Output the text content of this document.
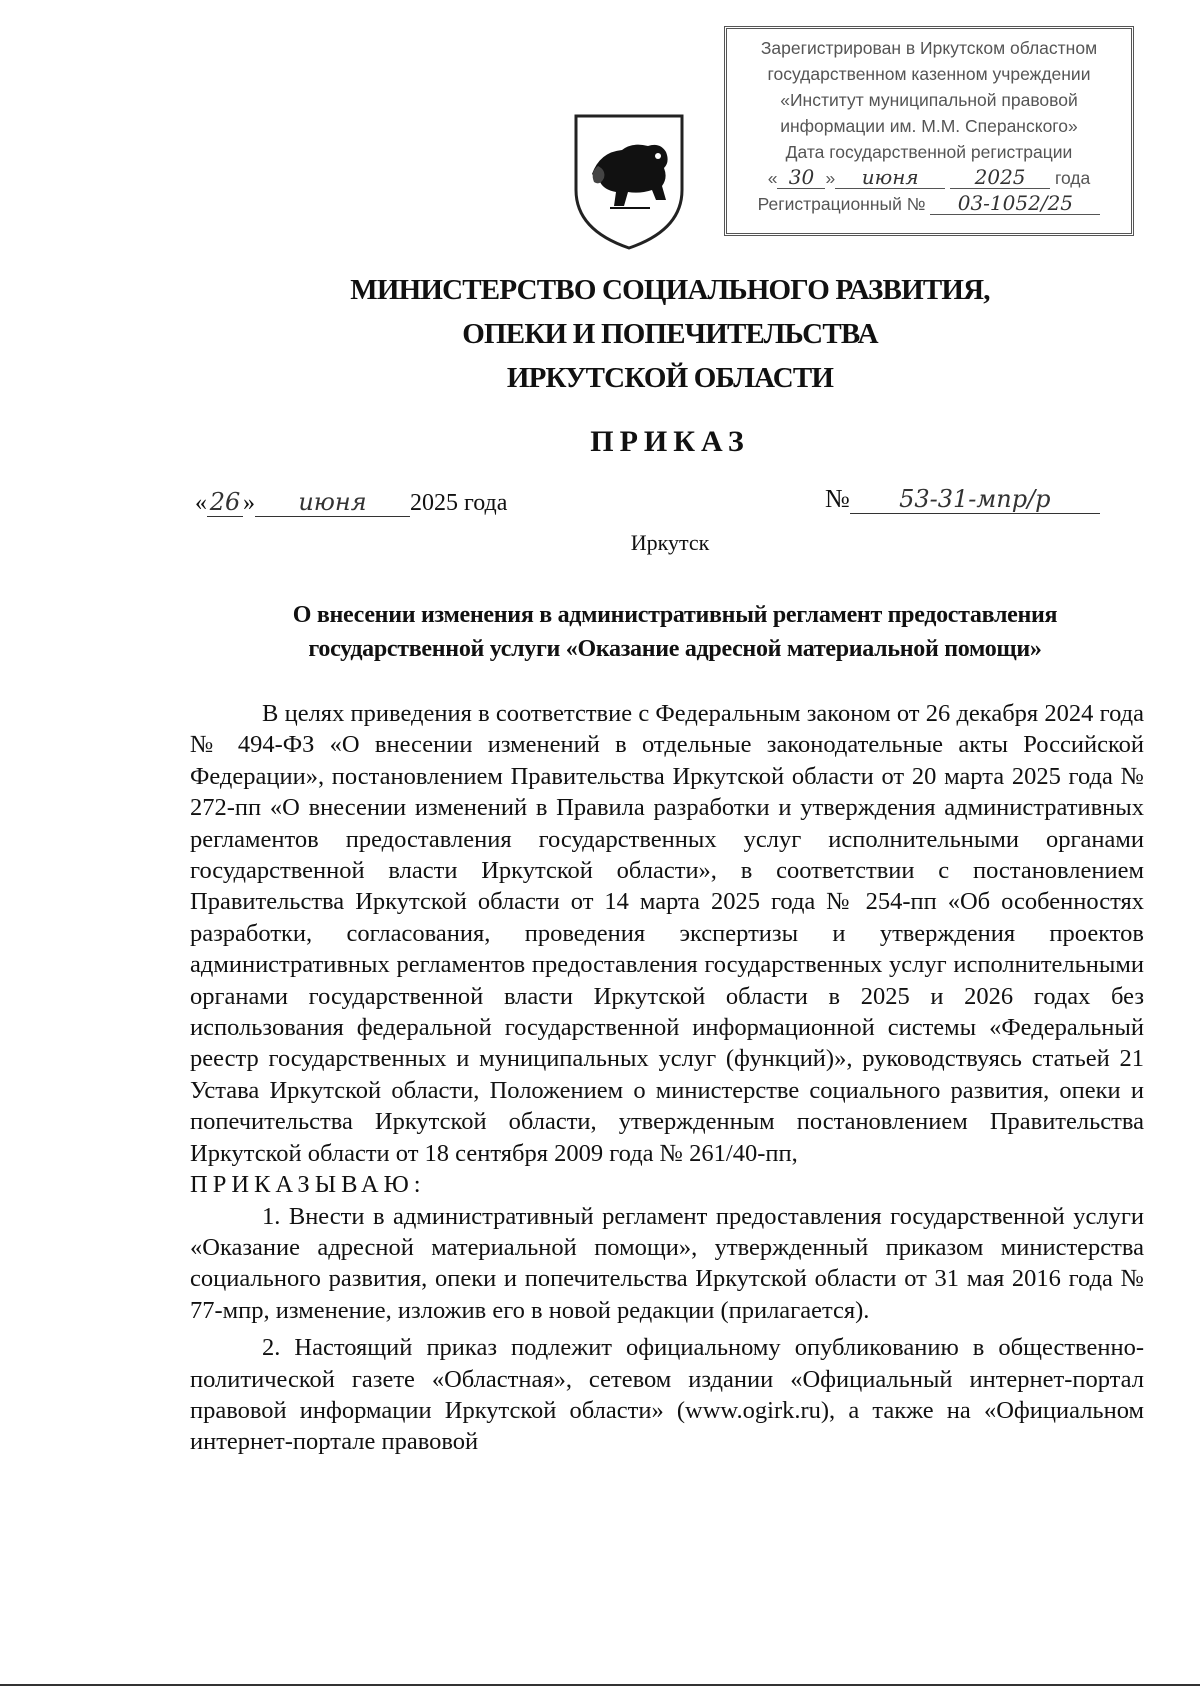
Зарегистрирован в Иркутском областном
государственном казенном учреждении
«Институт муниципальной правовой
информации им. М.М. Сперанского»
Дата государственной регистрации
« 30 » июня	2025 года
Регистрационный № 03-1052/25
МИНИСТЕРСТВО СОЦИАЛЬНОГО РАЗВИТИЯ,
ОПЕКИ И ПОПЕЧИТЕЛЬСТВА
ИРКУТСКОЙ ОБЛАСТИ
ПРИКАЗ
« 26 » июня 2025 года	№ 53-31-мпр/р
Иркутск
О внесении изменения в административный регламент предоставления
государственной услуги «Оказание адресной материальной помощи»

В целях приведения в соответствие с Федеральным законом от 26 декабря 2024 года № 494-ФЗ «О внесении изменений в отдельные законодательные акты Российской Федерации», постановлением Правительства Иркутской области от 20 марта 2025 года № 272-пп «О внесении изменений в Правила разработки и утверждения административных регламентов предоставления государственных услуг исполнительными органами государственной власти Иркутской области», в соответствии с постановлением Правительства Иркутской области от 14 марта 2025 года № 254-пп «Об особенностях разработки, согласования, проведения экспертизы и утверждения проектов административных регламентов предоставления государственных услуг исполнительными органами государственной власти Иркутской области в 2025 и 2026 годах без использования федеральной государственной информационной системы «Федеральный реестр государственных и муниципальных услуг (функций)», руководствуясь статьей 21 Устава Иркутской области, Положением о министерстве социального развития, опеки и попечительства Иркутской области, утвержденным постановлением Правительства Иркутской области от 18 сентября 2009 года № 261/40-пп,

ПРИКАЗЫВАЮ:

1. Внести в административный регламент предоставления государственной услуги «Оказание адресной материальной помощи», утвержденный приказом министерства социального развития, опеки и попечительства Иркутской области от 31 мая 2016 года № 77-мпр, изменение, изложив его в новой редакции (прилагается).

2. Настоящий приказ подлежит официальному опубликованию в общественно-политической газете «Областная», сетевом издании «Официальный интернет-портал правовой информации Иркутской области» (www.ogirk.ru), а также на «Официальном интернет-портале правовой
